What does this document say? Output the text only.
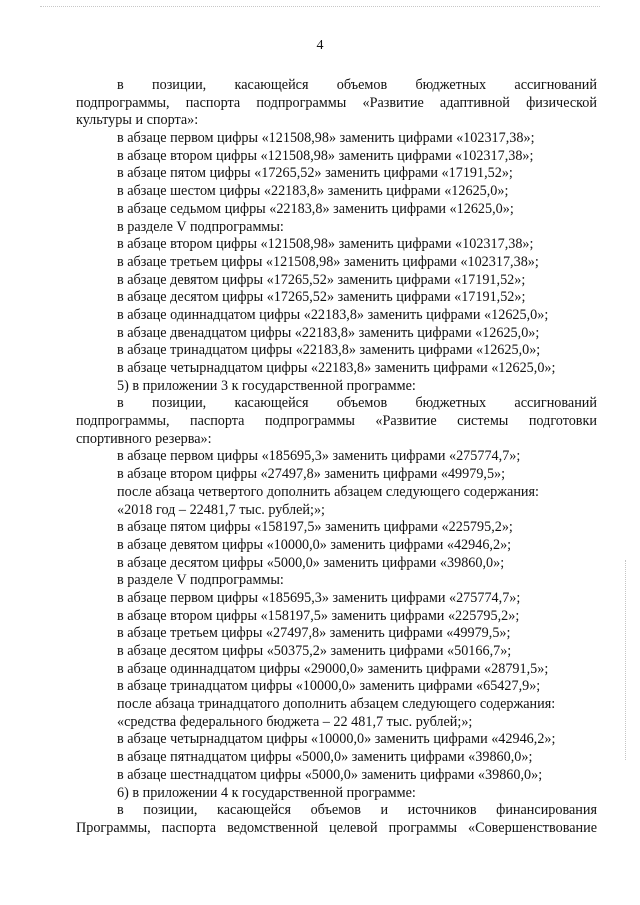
4
в позиции, касающейся объемов бюджетных ассигнований
подпрограммы, паспорта подпрограммы «Развитие адаптивной физической
культуры и спорта»:
в абзаце первом цифры «121508,98» заменить цифрами «102317,38»;
в абзаце втором цифры «121508,98» заменить цифрами «102317,38»;
в абзаце пятом цифры «17265,52» заменить цифрами «17191,52»;
в абзаце шестом цифры «22183,8» заменить цифрами «12625,0»;
в абзаце седьмом цифры «22183,8» заменить цифрами «12625,0»;
в разделе V подпрограммы:
в абзаце втором цифры «121508,98» заменить цифрами «102317,38»;
в абзаце третьем цифры «121508,98» заменить цифрами «102317,38»;
в абзаце девятом цифры «17265,52» заменить цифрами «17191,52»;
в абзаце десятом цифры «17265,52» заменить цифрами «17191,52»;
в абзаце одиннадцатом цифры «22183,8» заменить цифрами «12625,0»;
в абзаце двенадцатом цифры «22183,8» заменить цифрами «12625,0»;
в абзаце тринадцатом цифры «22183,8» заменить цифрами «12625,0»;
в абзаце четырнадцатом цифры «22183,8» заменить цифрами «12625,0»;
5) в приложении 3 к государственной программе:
в позиции, касающейся объемов бюджетных ассигнований
подпрограммы, паспорта подпрограммы «Развитие системы подготовки
спортивного резерва»:
в абзаце первом цифры «185695,3» заменить цифрами «275774,7»;
в абзаце втором цифры «27497,8» заменить цифрами «49979,5»;
после абзаца четвертого дополнить абзацем следующего содержания:
«2018 год – 22481,7 тыс. рублей;»;
в абзаце пятом цифры «158197,5» заменить цифрами «225795,2»;
в абзаце девятом цифры «10000,0» заменить цифрами «42946,2»;
в абзаце десятом цифры «5000,0» заменить цифрами «39860,0»;
в разделе V подпрограммы:
в абзаце первом цифры «185695,3» заменить цифрами «275774,7»;
в абзаце втором цифры «158197,5» заменить цифрами «225795,2»;
в абзаце третьем цифры «27497,8» заменить цифрами «49979,5»;
в абзаце десятом цифры «50375,2» заменить цифрами «50166,7»;
в абзаце одиннадцатом цифры «29000,0» заменить цифрами «28791,5»;
в абзаце тринадцатом цифры «10000,0» заменить цифрами «65427,9»;
после абзаца тринадцатого дополнить абзацем следующего содержания:
«средства федерального бюджета – 22 481,7 тыс. рублей;»;
в абзаце четырнадцатом цифры «10000,0» заменить цифрами «42946,2»;
в абзаце пятнадцатом цифры «5000,0» заменить цифрами «39860,0»;
в абзаце шестнадцатом цифры «5000,0» заменить цифрами «39860,0»;
6) в приложении 4 к государственной программе:
в позиции, касающейся объемов и источников финансирования
Программы, паспорта ведомственной целевой программы «Совершенствование
